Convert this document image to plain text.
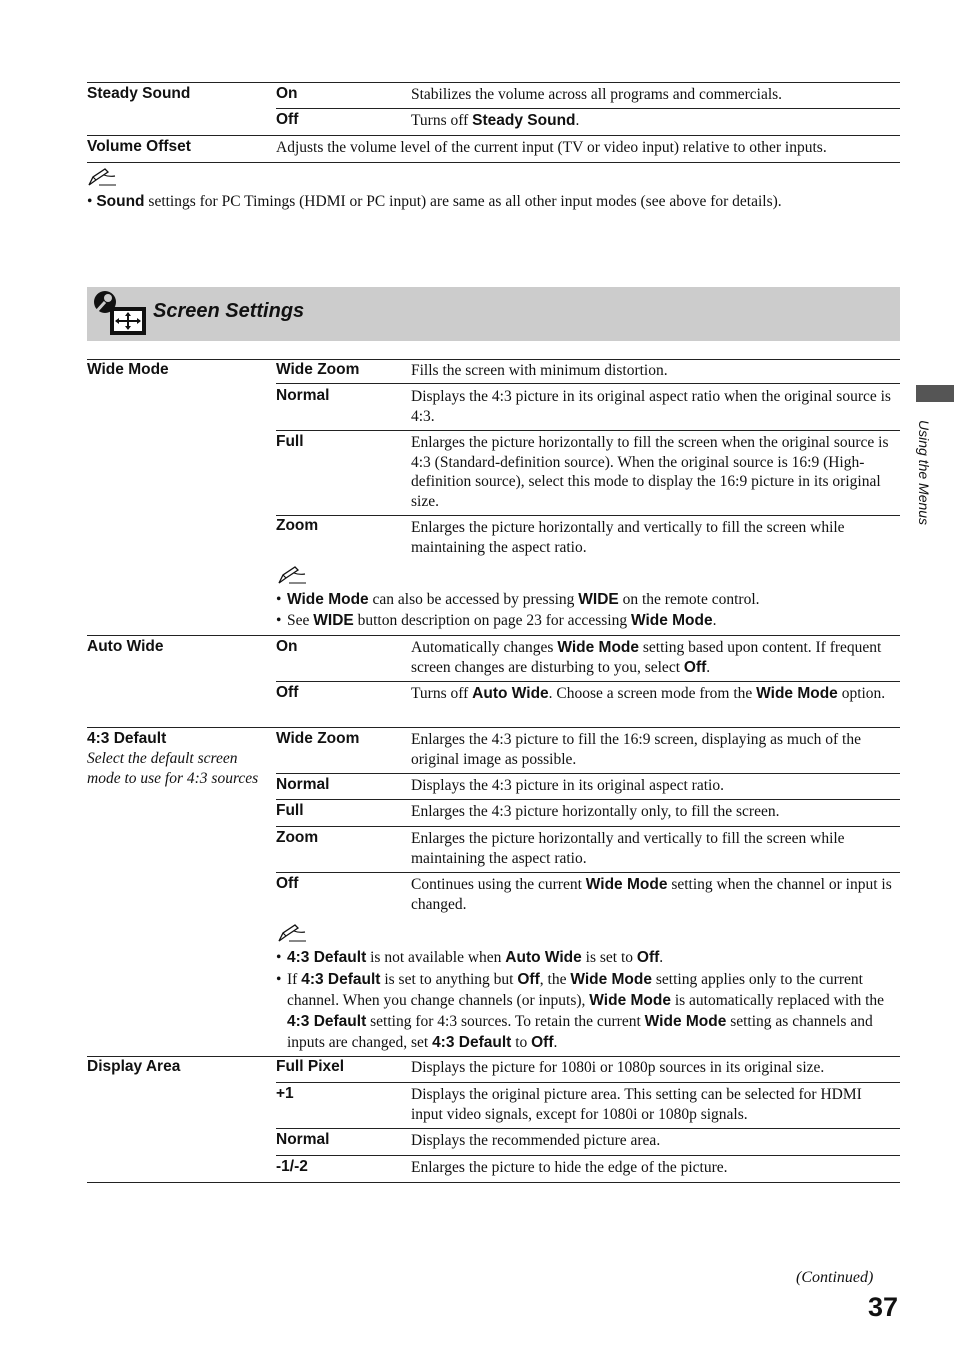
Steady Sound	On	Stabilizes the volume across all programs and commercials.
Off	Turns off Steady Sound.
Volume Offset	Adjusts the volume level of the current input (TV or video input) relative to other inputs.
• Sound settings for PC Timings (HDMI or PC input) are same as all other input modes (see above for details).
Screen Settings
Wide Mode	Wide Zoom	Fills the screen with minimum distortion.
Normal	Displays the 4:3 picture in its original aspect ratio when the original source is 4:3.
Full	Enlarges the picture horizontally to fill the screen when the original source is 4:3 (Standard-definition source). When the original source is 16:9 (High-definition source), select this mode to display the 16:9 picture in its original size.
Zoom	Enlarges the picture horizontally and vertically to fill the screen while maintaining the aspect ratio.
• Wide Mode can also be accessed by pressing WIDE on the remote control.
• See WIDE button description on page 23 for accessing Wide Mode.
Auto Wide	On	Automatically changes Wide Mode setting based upon content. If frequent screen changes are disturbing to you, select Off.
Off	Turns off Auto Wide. Choose a screen mode from the Wide Mode option.
4:3 Default
Select the default screen mode to use for 4:3 sources
Wide Zoom	Enlarges the 4:3 picture to fill the 16:9 screen, displaying as much of the original image as possible.
Normal	Displays the 4:3 picture in its original aspect ratio.
Full	Enlarges the 4:3 picture horizontally only, to fill the screen.
Zoom	Enlarges the picture horizontally and vertically to fill the screen while maintaining the aspect ratio.
Off	Continues using the current Wide Mode setting when the channel or input is changed.
• 4:3 Default is not available when Auto Wide is set to Off.
• If 4:3 Default is set to anything but Off, the Wide Mode setting applies only to the current channel. When you change channels (or inputs), Wide Mode is automatically replaced with the 4:3 Default setting for 4:3 sources. To retain the current Wide Mode setting as channels and inputs are changed, set 4:3 Default to Off.
Display Area	Full Pixel	Displays the picture for 1080i or 1080p sources in its original size.
+1	Displays the original picture area. This setting can be selected for HDMI input video signals, except for 1080i or 1080p signals.
Normal	Displays the recommended picture area.
-1/-2	Enlarges the picture to hide the edge of the picture.
Using the Menus
(Continued)
37
